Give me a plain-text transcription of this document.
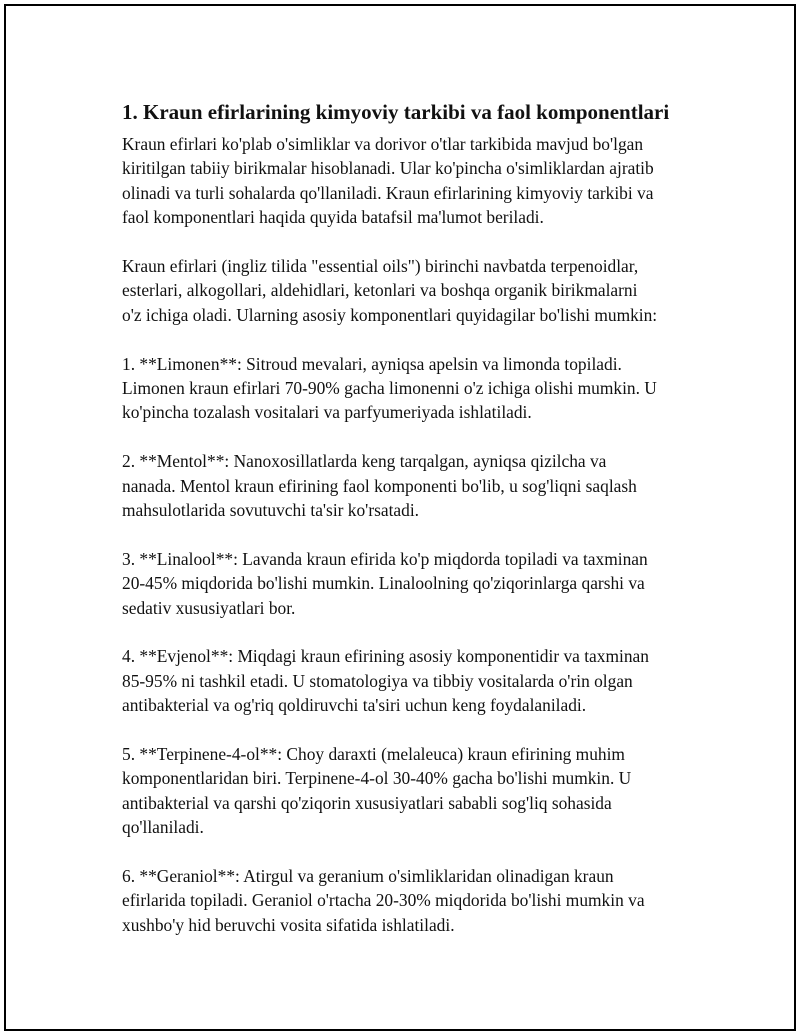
1. Kraun efirlarining kimyoviy tarkibi va faol komponentlari
Kraun efirlari ko'plab o'simliklar va dorivor o'tlar tarkibida mavjud bo'lgan
kiritilgan tabiiy birikmalar hisoblanadi. Ular ko'pincha o'simliklardan ajratib
olinadi va turli sohalarda qo'llaniladi. Kraun efirlarining kimyoviy tarkibi va
faol komponentlari haqida quyida batafsil ma'lumot beriladi.
Kraun efirlari (ingliz tilida "essential oils") birinchi navbatda terpenoidlar,
esterlari, alkogollari, aldehidlari, ketonlari va boshqa organik birikmalarni
o'z ichiga oladi. Ularning asosiy komponentlari quyidagilar bo'lishi mumkin:
1. **Limonen**: Sitroud mevalari, ayniqsa apelsin va limonda topiladi.
Limonen kraun efirlari 70-90% gacha limonenni o'z ichiga olishi mumkin. U
ko'pincha tozalash vositalari va parfyumeriyada ishlatiladi.
2. **Mentol**: Nanoxosillatlarda keng tarqalgan, ayniqsa qizilcha va
nanada. Mentol kraun efirining faol komponenti bo'lib, u sog'liqni saqlash
mahsulotlarida sovutuvchi ta'sir ko'rsatadi.
3. **Linalool**: Lavanda kraun efirida ko'p miqdorda topiladi va taxminan
20-45% miqdorida bo'lishi mumkin. Linaloolning qo'ziqorinlarga qarshi va
sedativ xususiyatlari bor.
4. **Evjenol**: Miqdagi kraun efirining asosiy komponentidir va taxminan
85-95% ni tashkil etadi. U stomatologiya va tibbiy vositalarda o'rin olgan
antibakterial va og'riq qoldiruvchi ta'siri uchun keng foydalaniladi.
5. **Terpinene-4-ol**: Choy daraxti (melaleuca) kraun efirining muhim
komponentlaridan biri. Terpinene-4-ol 30-40% gacha bo'lishi mumkin. U
antibakterial va qarshi qo'ziqorin xususiyatlari sababli sog'liq sohasida
qo'llaniladi.
6. **Geraniol**: Atirgul va geranium o'simliklaridan olinadigan kraun
efirlarida topiladi. Geraniol o'rtacha 20-30% miqdorida bo'lishi mumkin va
xushbo'y hid beruvchi vosita sifatida ishlatiladi.
